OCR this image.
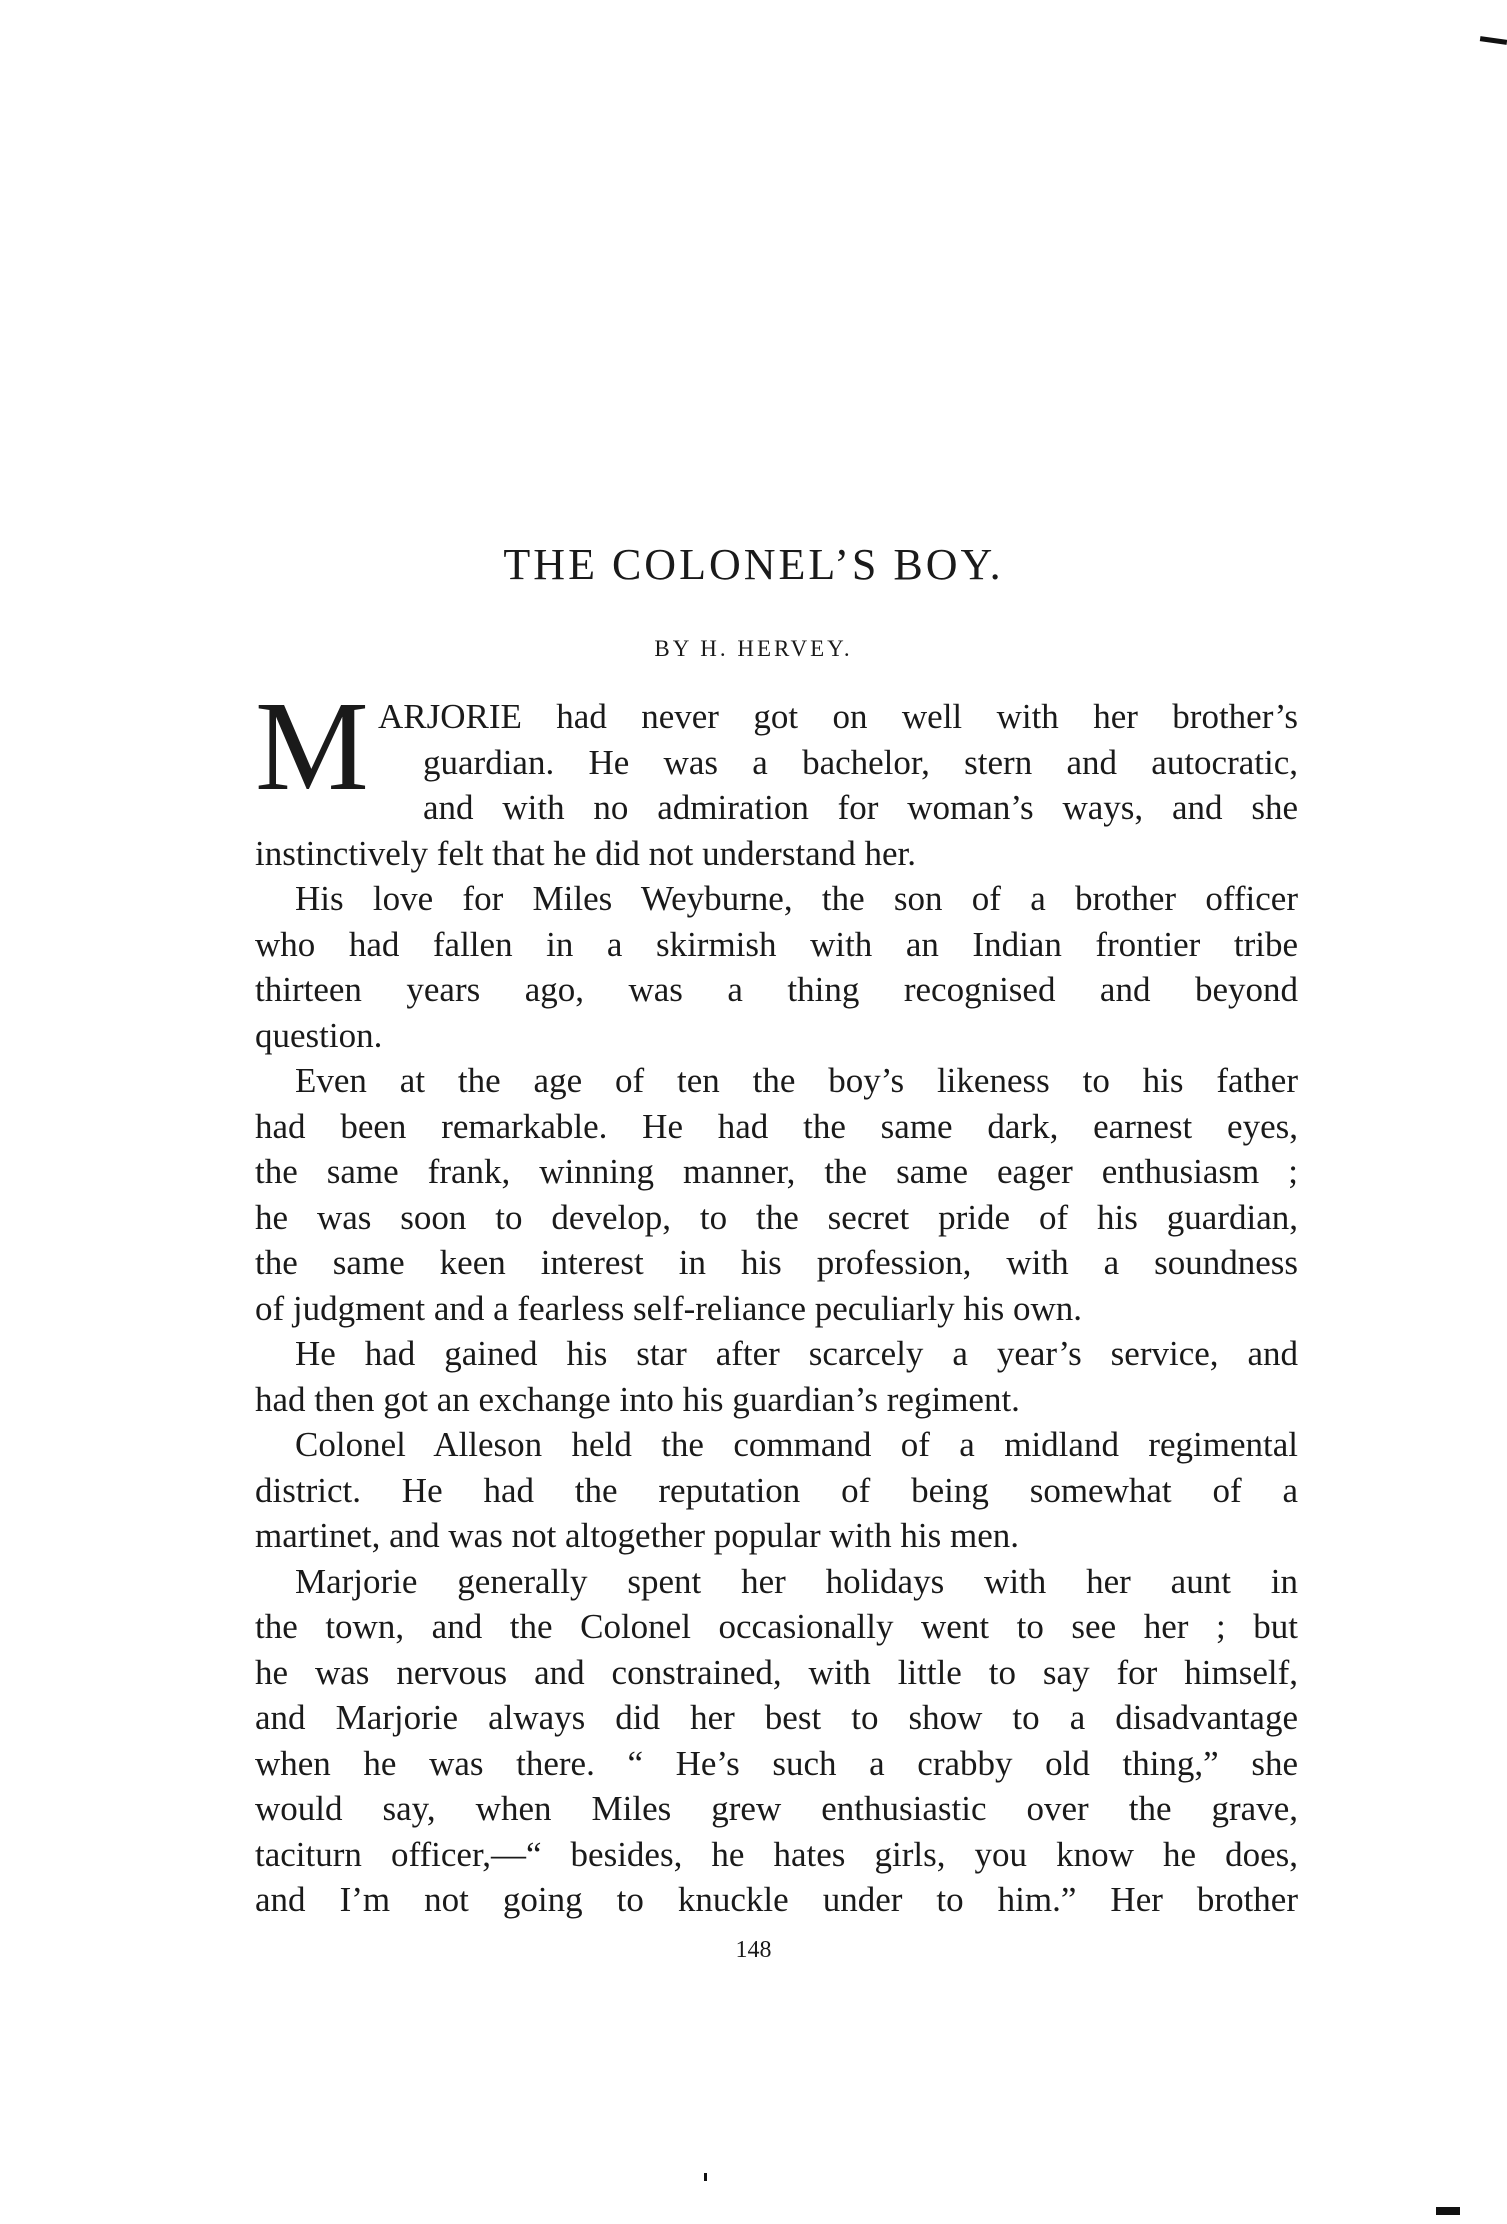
THE COLONEL’S BOY.
BY H. HERVEY.
M ARJORIE had never got on well with her brother’s
guardian. He was a bachelor, stern and autocratic,
and with no admiration for woman’s ways, and she
instinctively felt that he did not understand her.
His love for Miles Weyburne, the son of a brother officer
who had fallen in a skirmish with an Indian frontier tribe
thirteen years ago, was a thing recognised and beyond
question.
Even at the age of ten the boy’s likeness to his father
had been remarkable. He had the same dark, earnest eyes,
the same frank, winning manner, the same eager enthusiasm ;
he was soon to develop, to the secret pride of his guardian,
the same keen interest in his profession, with a soundness
of judgment and a fearless self-reliance peculiarly his own.
He had gained his star after scarcely a year’s service, and
had then got an exchange into his guardian’s regiment.
Colonel Alleson held the command of a midland regimental
district. He had the reputation of being somewhat of a
martinet, and was not altogether popular with his men.
Marjorie generally spent her holidays with her aunt in
the town, and the Colonel occasionally went to see her ; but
he was nervous and constrained, with little to say for himself,
and Marjorie always did her best to show to a disadvantage
when he was there. “ He’s such a crabby old thing,” she
would say, when Miles grew enthusiastic over the grave,
taciturn officer,—“ besides, he hates girls, you know he does,
and I’m not going to knuckle under to him.” Her brother
148
